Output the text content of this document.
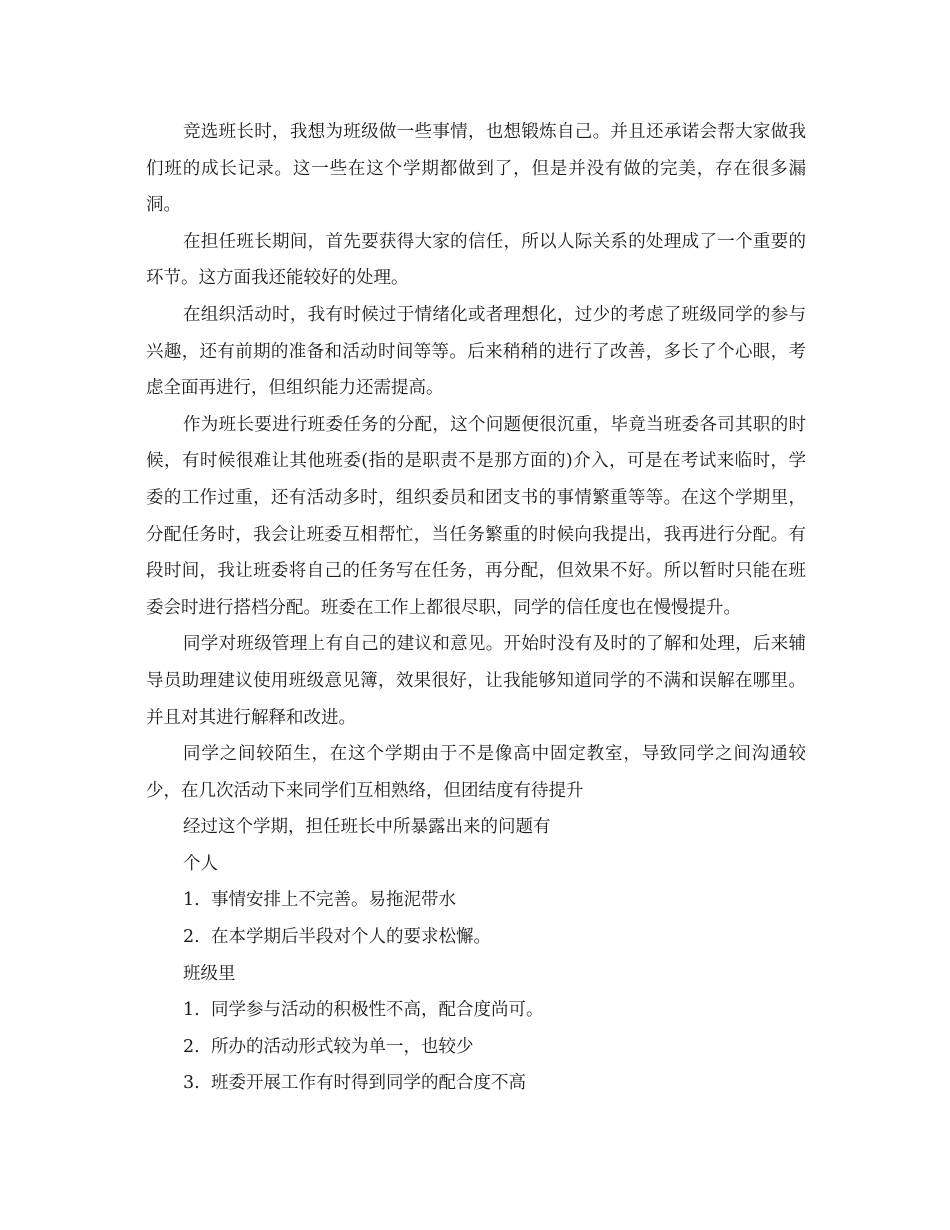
竞选班长时，我想为班级做一些事情，也想锻炼自己。并且还承诺会帮大家做我们班的成长记录。这一些在这个学期都做到了，但是并没有做的完美，存在很多漏洞。

在担任班长期间，首先要获得大家的信任，所以人际关系的处理成了一个重要的环节。这方面我还能较好的处理。

在组织活动时，我有时候过于情绪化或者理想化，过少的考虑了班级同学的参与兴趣，还有前期的准备和活动时间等等。后来稍稍的进行了改善，多长了个心眼，考虑全面再进行，但组织能力还需提高。

作为班长要进行班委任务的分配，这个问题便很沉重，毕竟当班委各司其职的时候，有时候很难让其他班委(指的是职责不是那方面的)介入，可是在考试来临时，学委的工作过重，还有活动多时，组织委员和团支书的事情繁重等等。在这个学期里，分配任务时，我会让班委互相帮忙，当任务繁重的时候向我提出，我再进行分配。有段时间，我让班委将自己的任务写在任务，再分配，但效果不好。所以暂时只能在班委会时进行搭档分配。班委在工作上都很尽职，同学的信任度也在慢慢提升。

同学对班级管理上有自己的建议和意见。开始时没有及时的了解和处理，后来辅导员助理建议使用班级意见簿，效果很好，让我能够知道同学的不满和误解在哪里。并且对其进行解释和改进。

同学之间较陌生，在这个学期由于不是像高中固定教室，导致同学之间沟通较少，在几次活动下来同学们互相熟络，但团结度有待提升

经过这个学期，担任班长中所暴露出来的问题有

个人

1. 事情安排上不完善。易拖泥带水

2. 在本学期后半段对个人的要求松懈。

班级里

1. 同学参与活动的积极性不高，配合度尚可。

2. 所办的活动形式较为单一，也较少

3. 班委开展工作有时得到同学的配合度不高
